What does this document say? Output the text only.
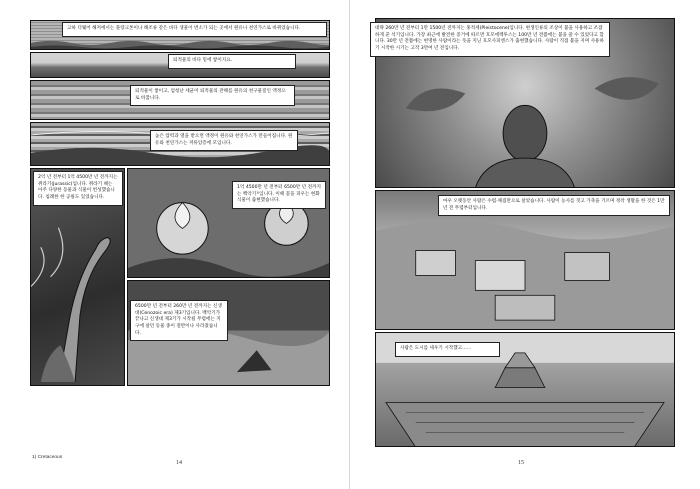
고하 더웨어 해저에서는 플랑크톤이나 해조류 같은 바다 생물이 번소가 되는 곳에서 원유나 천연가스로 바뀌었습니다.
퇴적물의 바다 밑에 쌓이지요.
퇴적물이 쌓이고, 엄청난 세균이 퇴적물의 잔해를 원유의 천구물질인 액정으로 바꿉니다.
높은 압력과 열을 받으면 액정이 원유와 천연가스가 만들어집니다. 원유와 천연가스는 저류암층에 모입니다.
2억 년 전부터 1억 4500만 년 전까지는 쥐라기(Jurassic)입니다. 쥐라기 때는 아주 다양한 동물과 식물이 번성했습니다. 침례한 한 공룡도 있었습니다.
1억 4500만 년 전부터 6500만 년 전까지는 백악기¹⁾입니다. 이때 꽃을 피우는 현화식물이 출현했습니다.
6500만 년 전부터 260만 년 전까지는 신생대(Cenozoic era) 제3기입니다. 백악기가 끝나고 신생대 제3기가 시작될 무렵에는 지구에 살던 동물 종이 절반이나 사라졌습니다.
1) Cretaceous
14
대략 260만 년 전부터 1만 1500년 전까지는 홍적세(Pleistocene)입니다. 현생인류의 조상이 불을 사용하고 조잡하게 꾼 석기입니다. 가장 최근에 발견한 증거에 따르면 호모에렉투스는 100만 년 전쯤에는 불을 쓸 수 있었다고 합니다. 30만 년 전쯤에는 현명한 사람이라는 뜻을 지닌 호모사피엔스가 출현했습니다. 사람이 직접 불을 지며 사용하기 시작한 시기는 고작 3만여 년 전입니다.
마우 오랫동안 사람은 수렵·채집만으로 살았습니다. 사람이 농사를 짓고 가축을 기르며 정착 생활을 한 것은 1만 년 전 무렵부터입니다.
사람은 도시를 세우기 시작했고……
15
